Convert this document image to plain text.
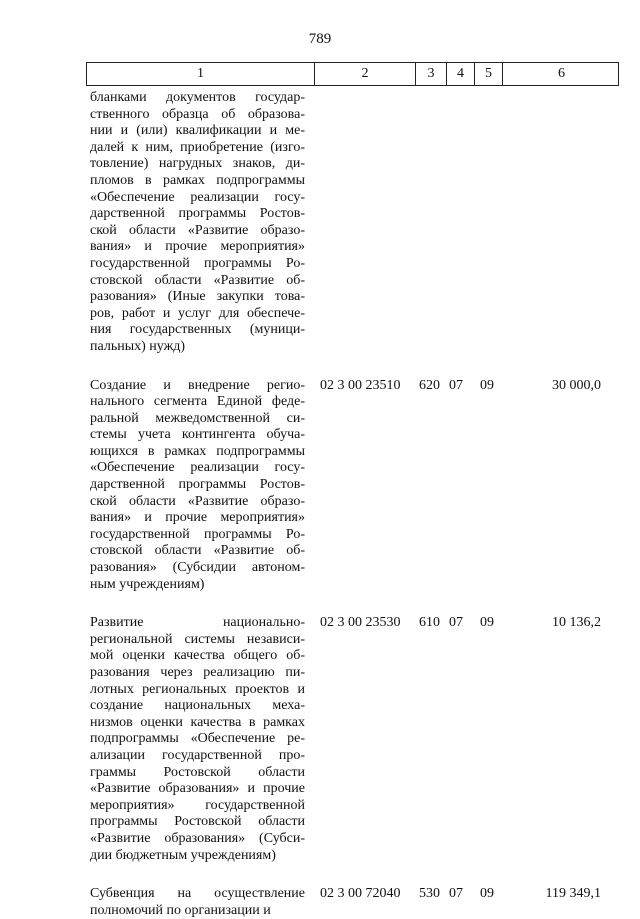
789
1	2	3	4	5	6
бланками документов государ-
ственного образца об образова-
нии и (или) квалификации и ме-
далей к ним, приобретение (изго-
товление) нагрудных знаков, ди-
пломов в рамках подпрограммы
«Обеспечение реализации госу-
дарственной программы Ростов-
ской области «Развитие образо-
вания» и прочие мероприятия»
государственной программы Ро-
стовской области «Развитие об-
разования» (Иные закупки това-
ров, работ и услуг для обеспече-
ния государственных (муници-
пальных) нужд)
Создание и внедрение регио-
нального сегмента Единой феде-
ральной межведомственной си-
стемы учета контингента обуча-
ющихся в рамках подпрограммы
«Обеспечение реализации госу-
дарственной программы Ростов-
ской области «Развитие образо-
вания» и прочие мероприятия»
государственной программы Ро-
стовской области «Развитие об-
разования» (Субсидии автоном-
ным учреждениям)
02 3 00 23510	620 07	09	30 000,0
Развитие национально-
регионaльной системы независи-
мой оценки качества общего об-
разования через реализацию пи-
лотных региональных проектов и
создание национальных меха-
низмов оценки качества в рамках
подпрограммы «Обеспечение ре-
ализации государственной про-
граммы Ростовской области
«Развитие образования» и прочие
мероприятия» государственной
программы Ростовской области
«Развитие образования» (Субси-
дии бюджетным учреждениям)
02 3 00 23530	610 07	09	10 136,2
Субвенция на осуществление
полномочий по организации и
02 3 00 72040	530 07	09	119 349,1
